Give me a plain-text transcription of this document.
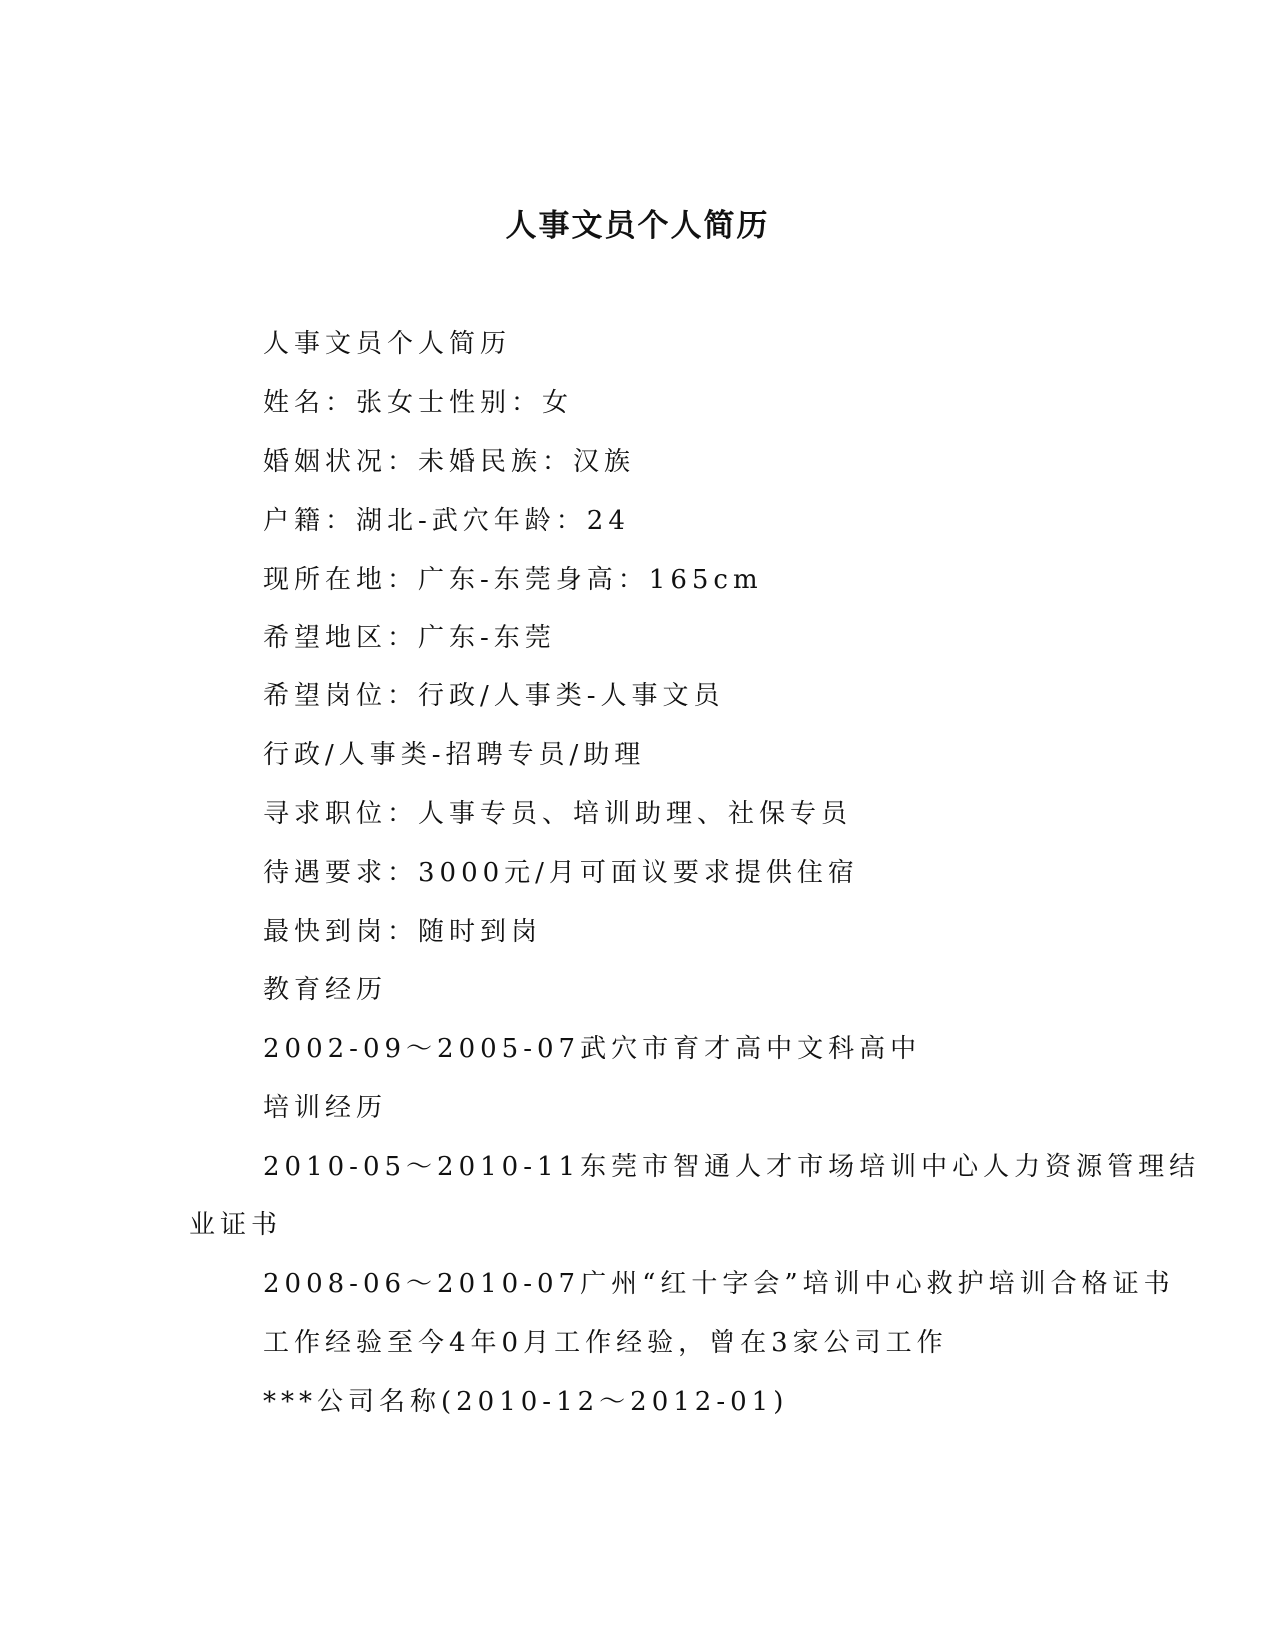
人事文员个人简历
人事文员个人简历
姓名：张女士性别：女
婚姻状况：未婚民族：汉族
户籍：湖北-武穴年龄：24
现所在地：广东-东莞身高：165cm
希望地区：广东-东莞
希望岗位：行政/人事类-人事文员
行政/人事类-招聘专员/助理
寻求职位：人事专员、培训助理、社保专员
待遇要求：3000元/月可面议要求提供住宿
最快到岗：随时到岗
教育经历
2002-09～2005-07武穴市育才高中文科高中
培训经历
2010-05～2010-11东莞市智通人才市场培训中心人力资源管理结
业证书
2008-06～2010-07广州“红十字会”培训中心救护培训合格证书
工作经验至今4年0月工作经验，曾在3家公司工作
***公司名称(2010-12～2012-01)
